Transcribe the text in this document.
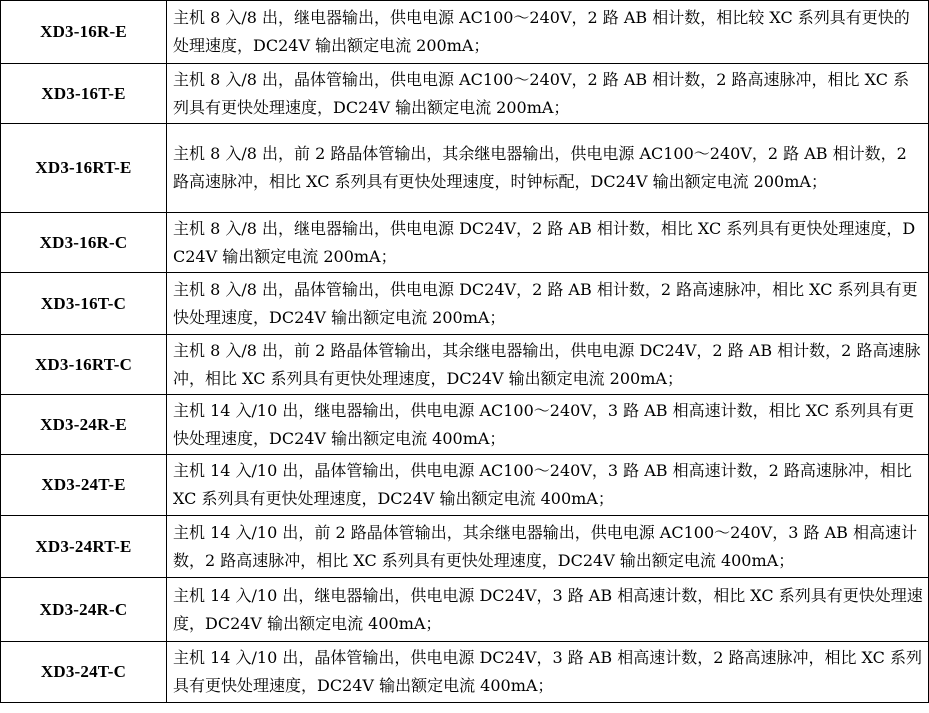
XD3-16R-E	主机 8 入/8 出，继电器输出，供电电源 AC100～240V，2 路 AB 相计数，相比较 XC 系列具有更快的处理速度，DC24V 输出额定电流 200mA；
XD3-16T-E	主机 8 入/8 出，晶体管输出，供电电源 AC100～240V，2 路 AB 相计数，2 路高速脉冲，相比 XC 系列具有更快处理速度，DC24V 输出额定电流 200mA；
XD3-16RT-E	主机 8 入/8 出，前 2 路晶体管输出，其余继电器输出，供电电源 AC100～240V，2 路 AB 相计数，2 路高速脉冲，相比 XC 系列具有更快处理速度，时钟标配，DC24V 输出额定电流 200mA；
XD3-16R-C	主机 8 入/8 出，继电器输出，供电电源 DC24V，2 路 AB 相计数，相比 XC 系列具有更快处理速度，DC24V 输出额定电流 200mA；
XD3-16T-C	主机 8 入/8 出，晶体管输出，供电电源 DC24V，2 路 AB 相计数，2 路高速脉冲，相比 XC 系列具有更快处理速度，DC24V 输出额定电流 200mA；
XD3-16RT-C	主机 8 入/8 出，前 2 路晶体管输出，其余继电器输出，供电电源 DC24V，2 路 AB 相计数，2 路高速脉冲，相比 XC 系列具有更快处理速度，DC24V 输出额定电流 200mA；
XD3-24R-E	主机 14 入/10 出，继电器输出，供电电源 AC100～240V，3 路 AB 相高速计数，相比 XC 系列具有更快处理速度，DC24V 输出额定电流 400mA；
XD3-24T-E	主机 14 入/10 出，晶体管输出，供电电源 AC100～240V，3 路 AB 相高速计数，2 路高速脉冲，相比 XC 系列具有更快处理速度，DC24V 输出额定电流 400mA；
XD3-24RT-E	主机 14 入/10 出，前 2 路晶体管输出，其余继电器输出，供电电源 AC100～240V，3 路 AB 相高速计数，2 路高速脉冲，相比 XC 系列具有更快处理速度，DC24V 输出额定电流 400mA；
XD3-24R-C	主机 14 入/10 出，继电器输出，供电电源 DC24V，3 路 AB 相高速计数，相比 XC 系列具有更快处理速度，DC24V 输出额定电流 400mA；
XD3-24T-C	主机 14 入/10 出，晶体管输出，供电电源 DC24V，3 路 AB 相高速计数，2 路高速脉冲，相比 XC 系列具有更快处理速度，DC24V 输出额定电流 400mA；
